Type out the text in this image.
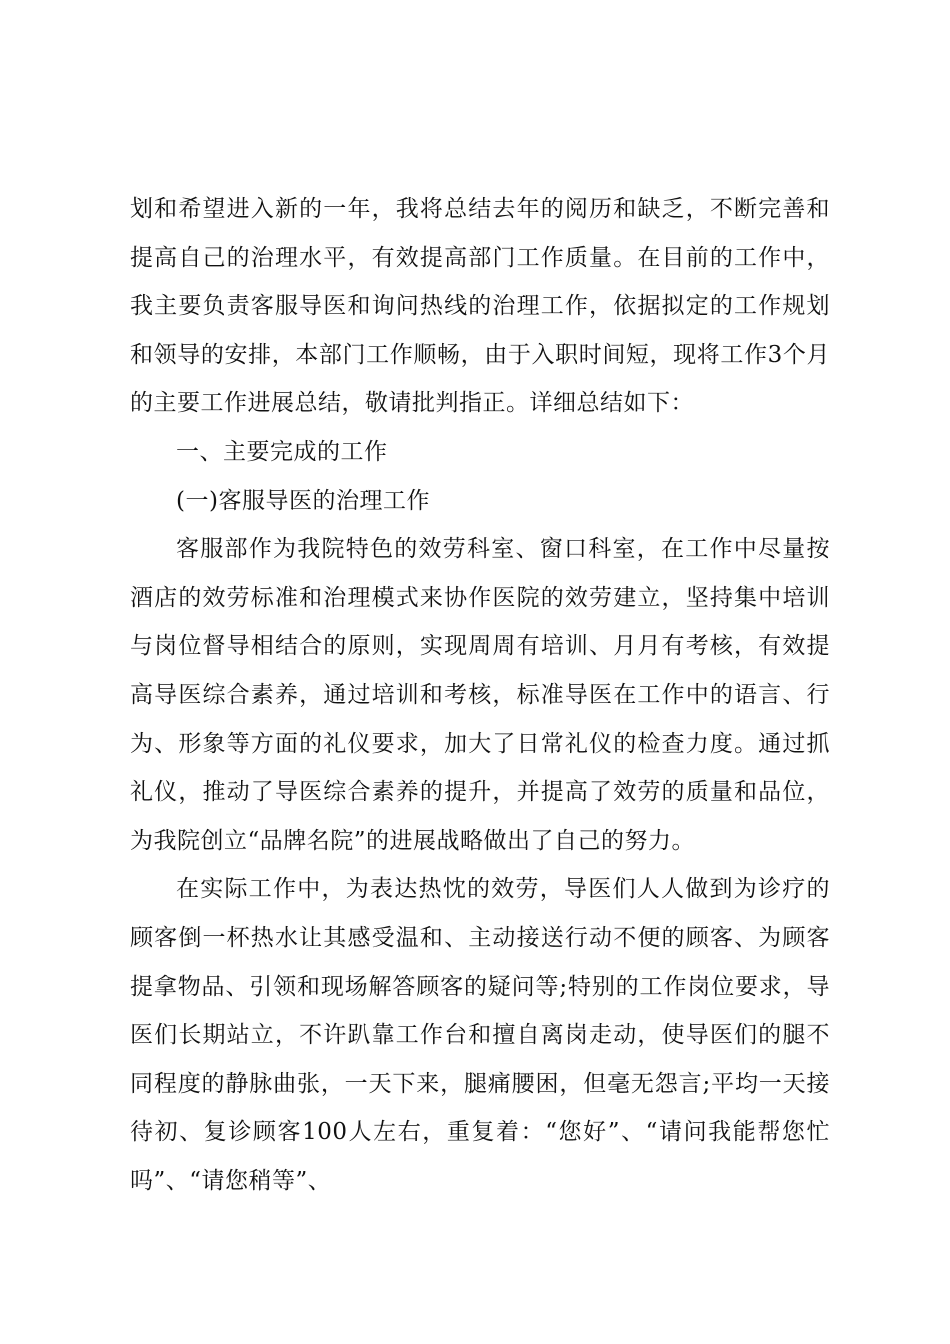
划和希望进入新的一年，我将总结去年的阅历和缺乏，不断完善和提高自己的治理水平，有效提高部门工作质量。在目前的工作中，我主要负责客服导医和询问热线的治理工作，依据拟定的工作规划和领导的安排，本部门工作顺畅，由于入职时间短，现将工作3个月的主要工作进展总结，敬请批判指正。详细总结如下：

一、主要完成的工作

(一)客服导医的治理工作

客服部作为我院特色的效劳科室、窗口科室，在工作中尽量按酒店的效劳标准和治理模式来协作医院的效劳建立，坚持集中培训与岗位督导相结合的原则，实现周周有培训、月月有考核，有效提高导医综合素养，通过培训和考核，标准导医在工作中的语言、行为、形象等方面的礼仪要求，加大了日常礼仪的检查力度。通过抓礼仪，推动了导医综合素养的提升，并提高了效劳的质量和品位，为我院创立“品牌名院”的进展战略做出了自己的努力。

在实际工作中，为表达热忱的效劳，导医们人人做到为诊疗的顾客倒一杯热水让其感受温和、主动接送行动不便的顾客、为顾客提拿物品、引领和现场解答顾客的疑问等;特别的工作岗位要求，导医们长期站立，不许趴靠工作台和擅自离岗走动，使导医们的腿不同程度的静脉曲张，一天下来，腿痛腰困，但毫无怨言;平均一天接待初、复诊顾客100人左右，重复着：“您好”、“请问我能帮您忙吗”、“请您稍等”、
